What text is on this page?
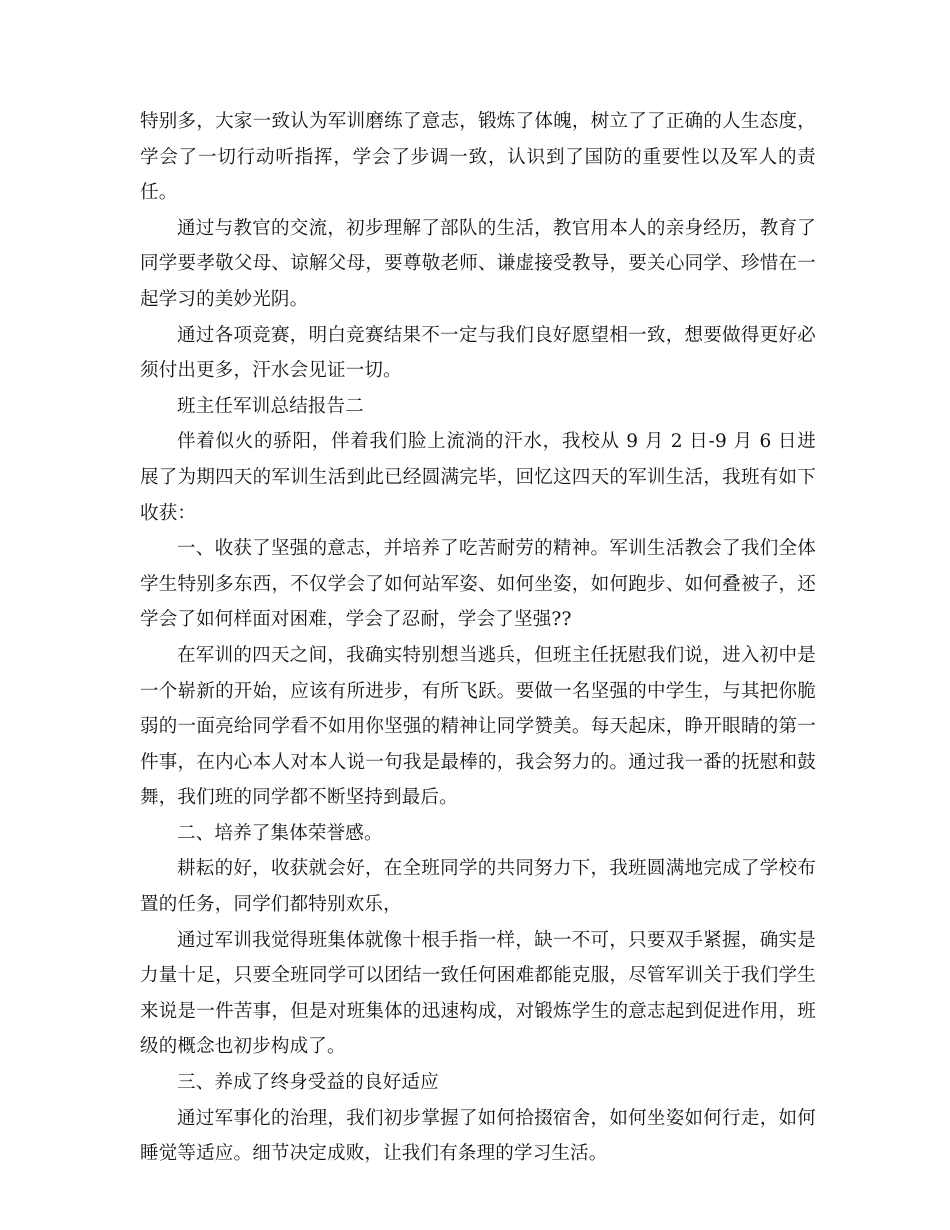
特别多，大家一致认为军训磨练了意志，锻炼了体魄，树立了了正确的人生态度，学会了一切行动听指挥，学会了步调一致，认识到了国防的重要性以及军人的责任。

通过与教官的交流，初步理解了部队的生活，教官用本人的亲身经历，教育了同学要孝敬父母、谅解父母，要尊敬老师、谦虚接受教导，要关心同学、珍惜在一起学习的美妙光阴。

通过各项竞赛，明白竞赛结果不一定与我们良好愿望相一致，想要做得更好必须付出更多，汗水会见证一切。

班主任军训总结报告二

伴着似火的骄阳，伴着我们脸上流淌的汗水，我校从 9 月 2 日-9 月 6 日进展了为期四天的军训生活到此已经圆满完毕，回忆这四天的军训生活，我班有如下收获：

一、收获了坚强的意志，并培养了吃苦耐劳的精神。军训生活教会了我们全体学生特别多东西，不仅学会了如何站军姿、如何坐姿，如何跑步、如何叠被子，还学会了如何样面对困难，学会了忍耐，学会了坚强??

在军训的四天之间，我确实特别想当逃兵，但班主任抚慰我们说，进入初中是一个崭新的开始，应该有所进步，有所飞跃。要做一名坚强的中学生，与其把你脆弱的一面亮给同学看不如用你坚强的精神让同学赞美。每天起床，睁开眼睛的第一件事，在内心本人对本人说一句我是最棒的，我会努力的。通过我一番的抚慰和鼓舞，我们班的同学都不断坚持到最后。

二、培养了集体荣誉感。

耕耘的好，收获就会好，在全班同学的共同努力下，我班圆满地完成了学校布置的任务，同学们都特别欢乐，

通过军训我觉得班集体就像十根手指一样，缺一不可，只要双手紧握，确实是力量十足，只要全班同学可以团结一致任何困难都能克服，尽管军训关于我们学生来说是一件苦事，但是对班集体的迅速构成，对锻炼学生的意志起到促进作用，班级的概念也初步构成了。

三、养成了终身受益的良好适应

通过军事化的治理，我们初步掌握了如何拾掇宿舍，如何坐姿如何行走，如何睡觉等适应。细节决定成败，让我们有条理的学习生活。
